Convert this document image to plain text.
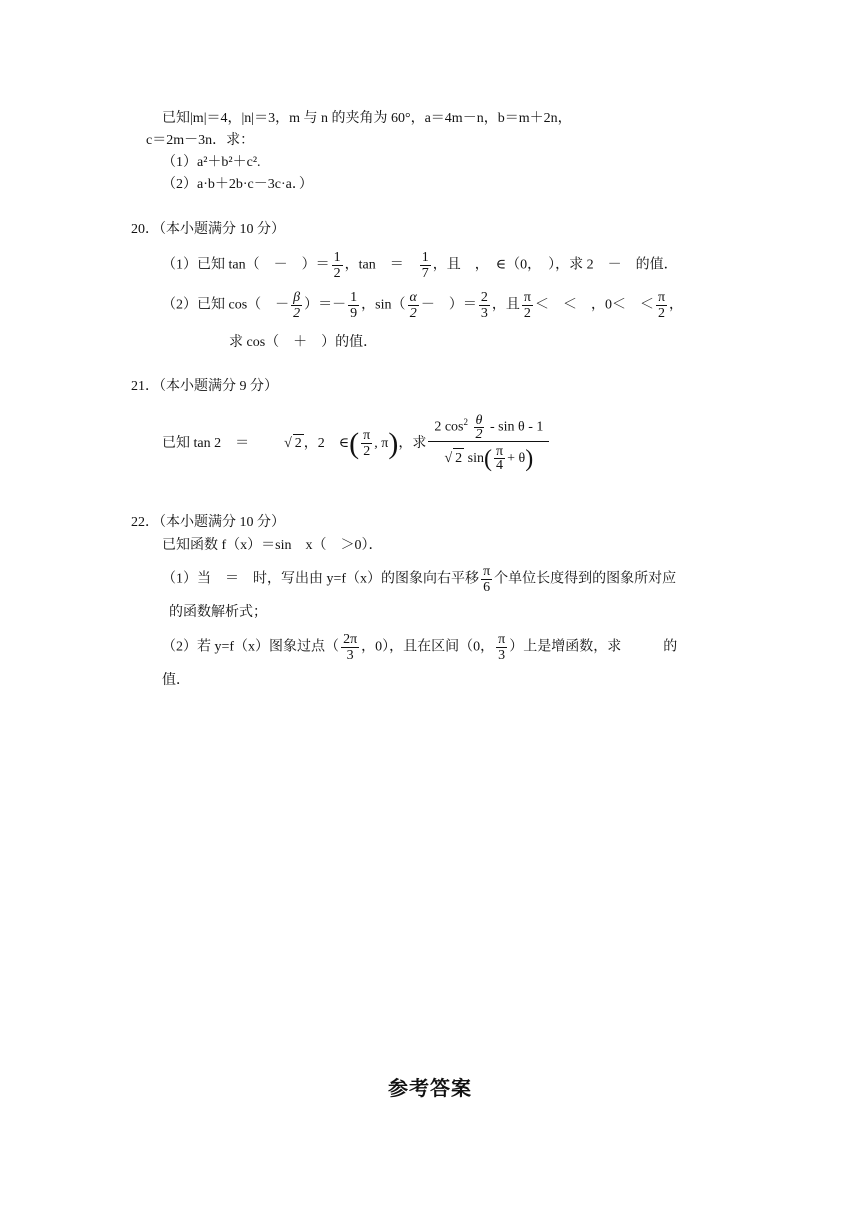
已知|m|＝4，|n|＝3，m 与 n 的夹角为 60°，a＝4m－n，b＝m＋2n，
c＝2m－3n．求：
（1）a²＋b²＋c².
（2）a·b＋2b·c－3c·a．）
20．（本小题满分 10 分）
（1）已知 tan（　－　）＝ $\frac{1}{2}$ ，tan　＝　 $\frac{1}{7}$ ，且　，　∈（0，　），求 2　－　的值．
（2）已知 cos（　－ $\frac{\beta}{2}$ ）＝－ $\frac{1}{9}$ ，$\sin( \frac{\alpha}{2}$ －　）＝ $\frac{2}{3}$ ，且 $\frac{\pi}{2}$ ＜　＜　，0＜　＜ $\frac{\pi}{2}$ ，
求 cos（　＋　）的值．
21．（本小题满分 9 分）
已知 tan 2　＝	√ 2 ，2　∈ ( $\frac{\pi}{2}$ , π ) ，求 $\frac{2 \cos^2 \frac{\theta}{2} - \sin \theta - 1}{√ 2 \sin ( \frac{\pi}{4} + \theta )}$
22．（本小题满分 10 分）
已知函数 f（x）＝sin　x（　＞0）．
（1）当　＝　时，写出由 y=f（x）的图象向右平移 $\frac{\pi}{6}$ 个单位长度得到的图象所对应
的函数解析式；
（2）若 y=f（x）图象过点（ $\frac{2\pi}{3}$ ，0），且在区间（0， $\frac{\pi}{3}$ ）上是增函数，求　　　的
值．
参考答案
